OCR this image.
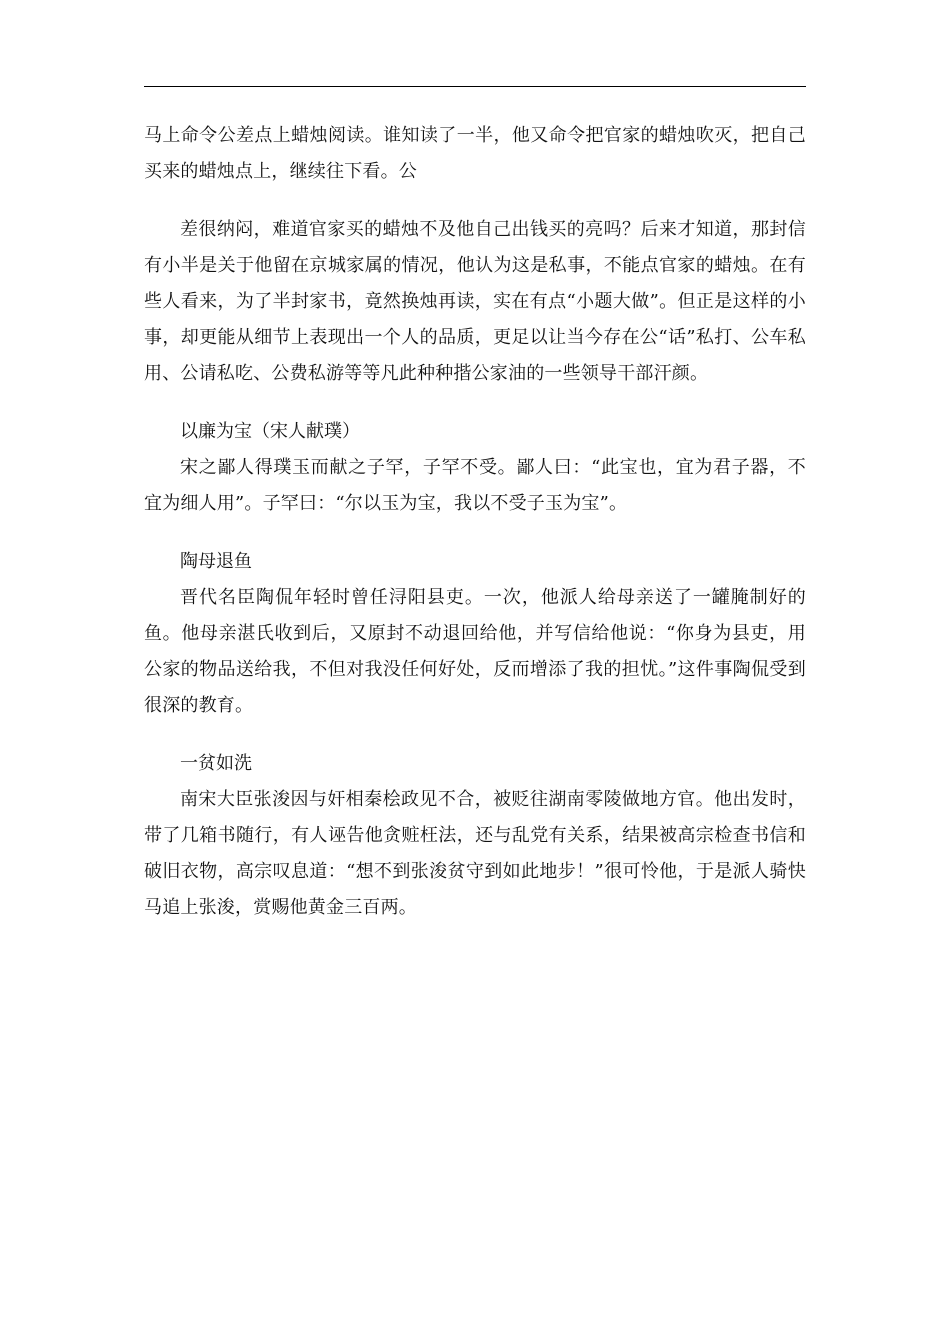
马上命令公差点上蜡烛阅读。谁知读了一半，他又命令把官家的蜡烛吹灭，把自己买来的蜡烛点上，继续往下看。公

差很纳闷，难道官家买的蜡烛不及他自己出钱买的亮吗？后来才知道，那封信有小半是关于他留在京城家属的情况，他认为这是私事，不能点官家的蜡烛。在有些人看来，为了半封家书，竟然换烛再读，实在有点“小题大做”。但正是这样的小事，却更能从细节上表现出一个人的品质，更足以让当今存在公“话”私打、公车私用、公请私吃、公费私游等等凡此种种揩公家油的一些领导干部汗颜。

以廉为宝（宋人献璞）

宋之鄙人得璞玉而献之子罕，子罕不受。鄙人曰：“此宝也，宜为君子器，不宜为细人用”。子罕曰：“尔以玉为宝，我以不受子玉为宝”。

陶母退鱼

晋代名臣陶侃年轻时曾任浔阳县吏。一次，他派人给母亲送了一罐腌制好的鱼。他母亲湛氏收到后，又原封不动退回给他，并写信给他说：“你身为县吏，用公家的物品送给我，不但对我没任何好处，反而增添了我的担忧。”这件事陶侃受到很深的教育。

一贫如洗

南宋大臣张浚因与奸相秦桧政见不合，被贬往湖南零陵做地方官。他出发时，带了几箱书随行，有人诬告他贪赃枉法，还与乱党有关系，结果被高宗检查书信和破旧衣物，高宗叹息道：“想不到张浚贫守到如此地步！”很可怜他，于是派人骑快马追上张浚，赏赐他黄金三百两。
